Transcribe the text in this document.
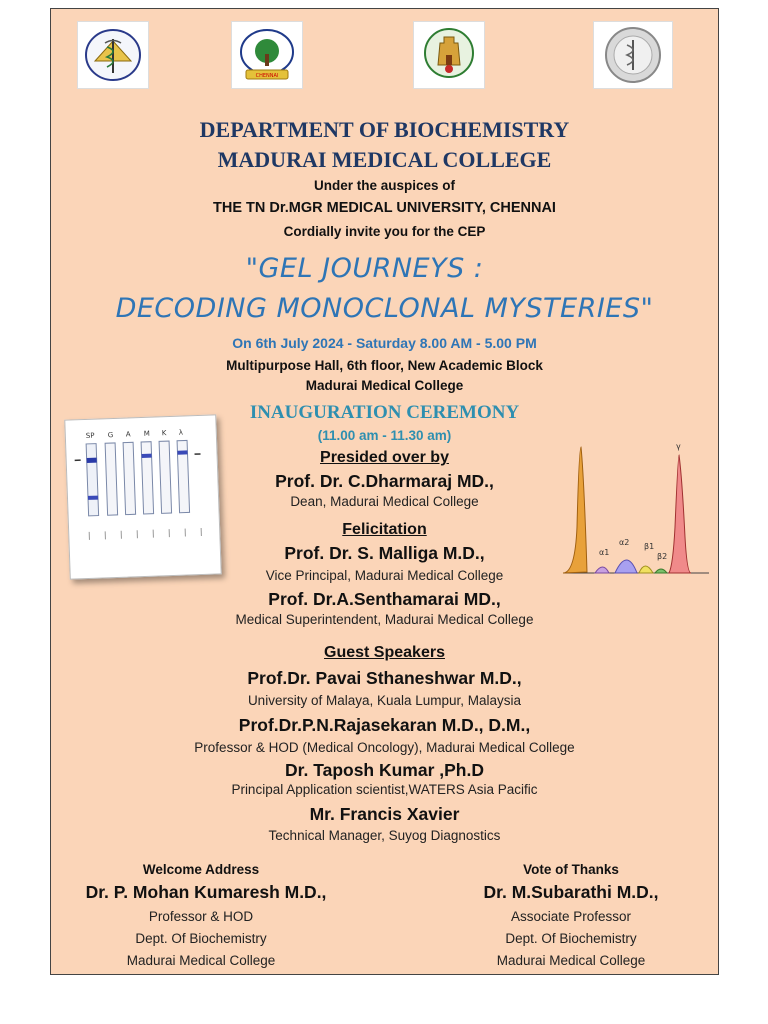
CHENNAI
DEPARTMENT OF BIOCHEMISTRY
MADURAI MEDICAL COLLEGE
Under the auspices of
THE TN Dr.MGR MEDICAL UNIVERSITY, CHENNAI
Cordially invite you for the CEP
"GEL JOURNEYS :
DECODING MONOCLONAL MYSTERIES"
On 6th July 2024 - Saturday 8.00 AM - 5.00 PM
Multipurpose Hall, 6th floor, New Academic Block
Madurai Medical College
INAUGURATION CEREMONY
(11.00 am - 11.30 am)
Presided over by
Prof. Dr. C.Dharmaraj MD.,
Dean, Madurai Medical College
Felicitation
Prof. Dr. S. Malliga M.D.,
Vice Principal, Madurai Medical College
Prof. Dr.A.Senthamarai MD.,
Medical Superintendent, Madurai Medical College
Guest Speakers
Prof.Dr. Pavai Sthaneshwar M.D.,
University of Malaya, Kuala Lumpur, Malaysia
Prof.Dr.P.N.Rajasekaran M.D., D.M.,
Professor & HOD (Medical Oncology), Madurai Medical College
Dr. Taposh Kumar ,Ph.D
Principal Application scientist,WATERS Asia Pacific
Mr. Francis Xavier
Technical Manager, Suyog Diagnostics
Welcome Address
Dr. P. Mohan Kumaresh M.D.,
Professor & HOD
Dept. Of Biochemistry
Madurai Medical College
Vote of Thanks
Dr. M.Subarathi M.D.,
Associate Professor
Dept. Of Biochemistry
Madurai Medical College
SP G A M K λ
α1
α2 β1
β2
γ
